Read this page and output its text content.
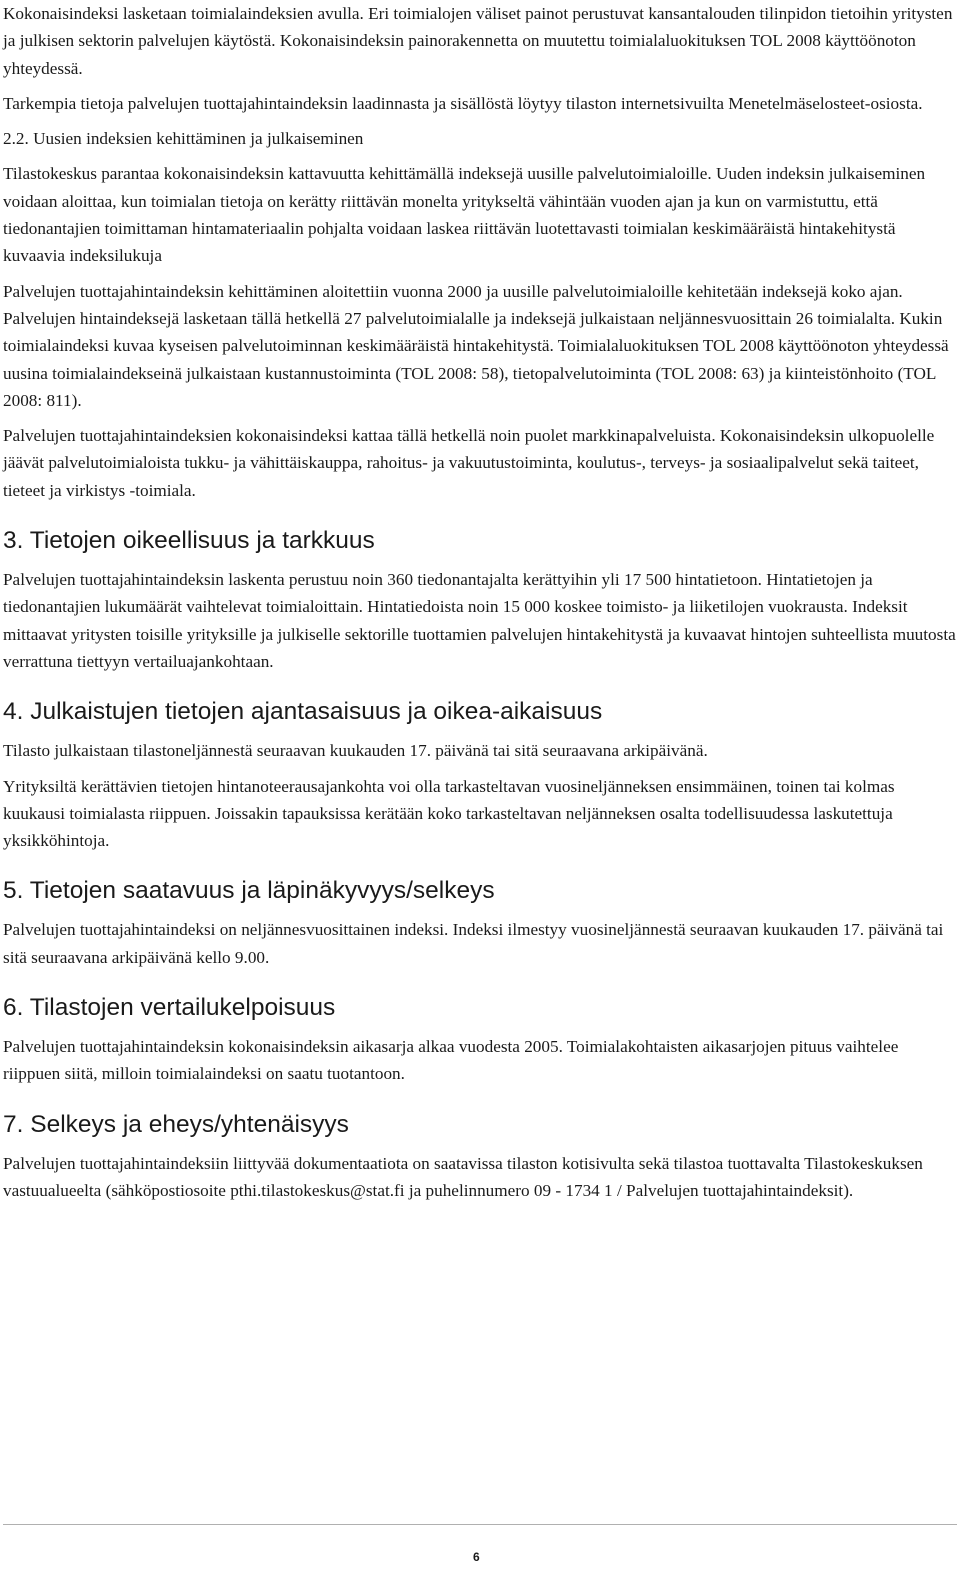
Kokonaisindeksi lasketaan toimialaindeksien avulla. Eri toimialojen väliset painot perustuvat kansantalouden tilinpidon tietoihin yritysten ja julkisen sektorin palvelujen käytöstä. Kokonaisindeksin painorakennetta on muutettu toimialaluokituksen TOL 2008 käyttöönoton yhteydessä.

Tarkempia tietoja palvelujen tuottajahintaindeksin laadinnasta ja sisällöstä löytyy tilaston internetsivuilta Menetelmäselosteet-osiosta.

2.2. Uusien indeksien kehittäminen ja julkaiseminen

Tilastokeskus parantaa kokonaisindeksin kattavuutta kehittämällä indeksejä uusille palvelutoimialoille. Uuden indeksin julkaiseminen voidaan aloittaa, kun toimialan tietoja on kerätty riittävän monelta yritykseltä vähintään vuoden ajan ja kun on varmistuttu, että tiedonantajien toimittaman hintamateriaalin pohjalta voidaan laskea riittävän luotettavasti toimialan keskimääräistä hintakehitystä kuvaavia indeksilukuja

Palvelujen tuottajahintaindeksin kehittäminen aloitettiin vuonna 2000 ja uusille palvelutoimialoille kehitetään indeksejä koko ajan. Palvelujen hintaindeksejä lasketaan tällä hetkellä 27 palvelutoimialalle ja indeksejä julkaistaan neljännesvuosittain 26 toimialalta. Kukin toimialaindeksi kuvaa kyseisen palvelutoiminnan keskimääräistä hintakehitystä. Toimialaluokituksen TOL 2008 käyttöönoton yhteydessä uusina toimialaindekseinä julkaistaan kustannustoiminta (TOL 2008: 58), tietopalvelutoiminta (TOL 2008: 63) ja kiinteistönhoito (TOL 2008: 811).

Palvelujen tuottajahintaindeksien kokonaisindeksi kattaa tällä hetkellä noin puolet markkinapalveluista. Kokonaisindeksin ulkopuolelle jäävät palvelutoimialoista tukku- ja vähittäiskauppa, rahoitus- ja vakuutustoiminta, koulutus-, terveys- ja sosiaalipalvelut sekä taiteet, tieteet ja virkistys -toimiala.

3. Tietojen oikeellisuus ja tarkkuus

Palvelujen tuottajahintaindeksin laskenta perustuu noin 360 tiedonantajalta kerättyihin yli 17 500 hintatietoon. Hintatietojen ja tiedonantajien lukumäärät vaihtelevat toimialoittain. Hintatiedoista noin 15 000 koskee toimisto- ja liiketilojen vuokrausta. Indeksit mittaavat yritysten toisille yrityksille ja julkiselle sektorille tuottamien palvelujen hintakehitystä ja kuvaavat hintojen suhteellista muutosta verrattuna tiettyyn vertailuajankohtaan.

4. Julkaistujen tietojen ajantasaisuus ja oikea-aikaisuus

Tilasto julkaistaan tilastoneljännestä seuraavan kuukauden 17. päivänä tai sitä seuraavana arkipäivänä.

Yrityksiltä kerättävien tietojen hintanoteerausajankohta voi olla tarkasteltavan vuosineljänneksen ensimmäinen, toinen tai kolmas kuukausi toimialasta riippuen. Joissakin tapauksissa kerätään koko tarkasteltavan neljänneksen osalta todellisuudessa laskutettuja yksikköhintoja.

5. Tietojen saatavuus ja läpinäkyvyys/selkeys

Palvelujen tuottajahintaindeksi on neljännesvuosittainen indeksi. Indeksi ilmestyy vuosineljännestä seuraavan kuukauden 17. päivänä tai sitä seuraavana arkipäivänä kello 9.00.

6. Tilastojen vertailukelpoisuus

Palvelujen tuottajahintaindeksin kokonaisindeksin aikasarja alkaa vuodesta 2005. Toimialakohtaisten aikasarjojen pituus vaihtelee riippuen siitä, milloin toimialaindeksi on saatu tuotantoon.

7. Selkeys ja eheys/yhtenäisyys

Palvelujen tuottajahintaindeksiin liittyvää dokumentaatiota on saatavissa tilaston kotisivulta sekä tilastoa tuottavalta Tilastokeskuksen vastuualueelta (sähköpostiosoite pthi.tilastokeskus@stat.fi ja puhelinnumero 09 - 1734 1 / Palvelujen tuottajahintaindeksit).

6
